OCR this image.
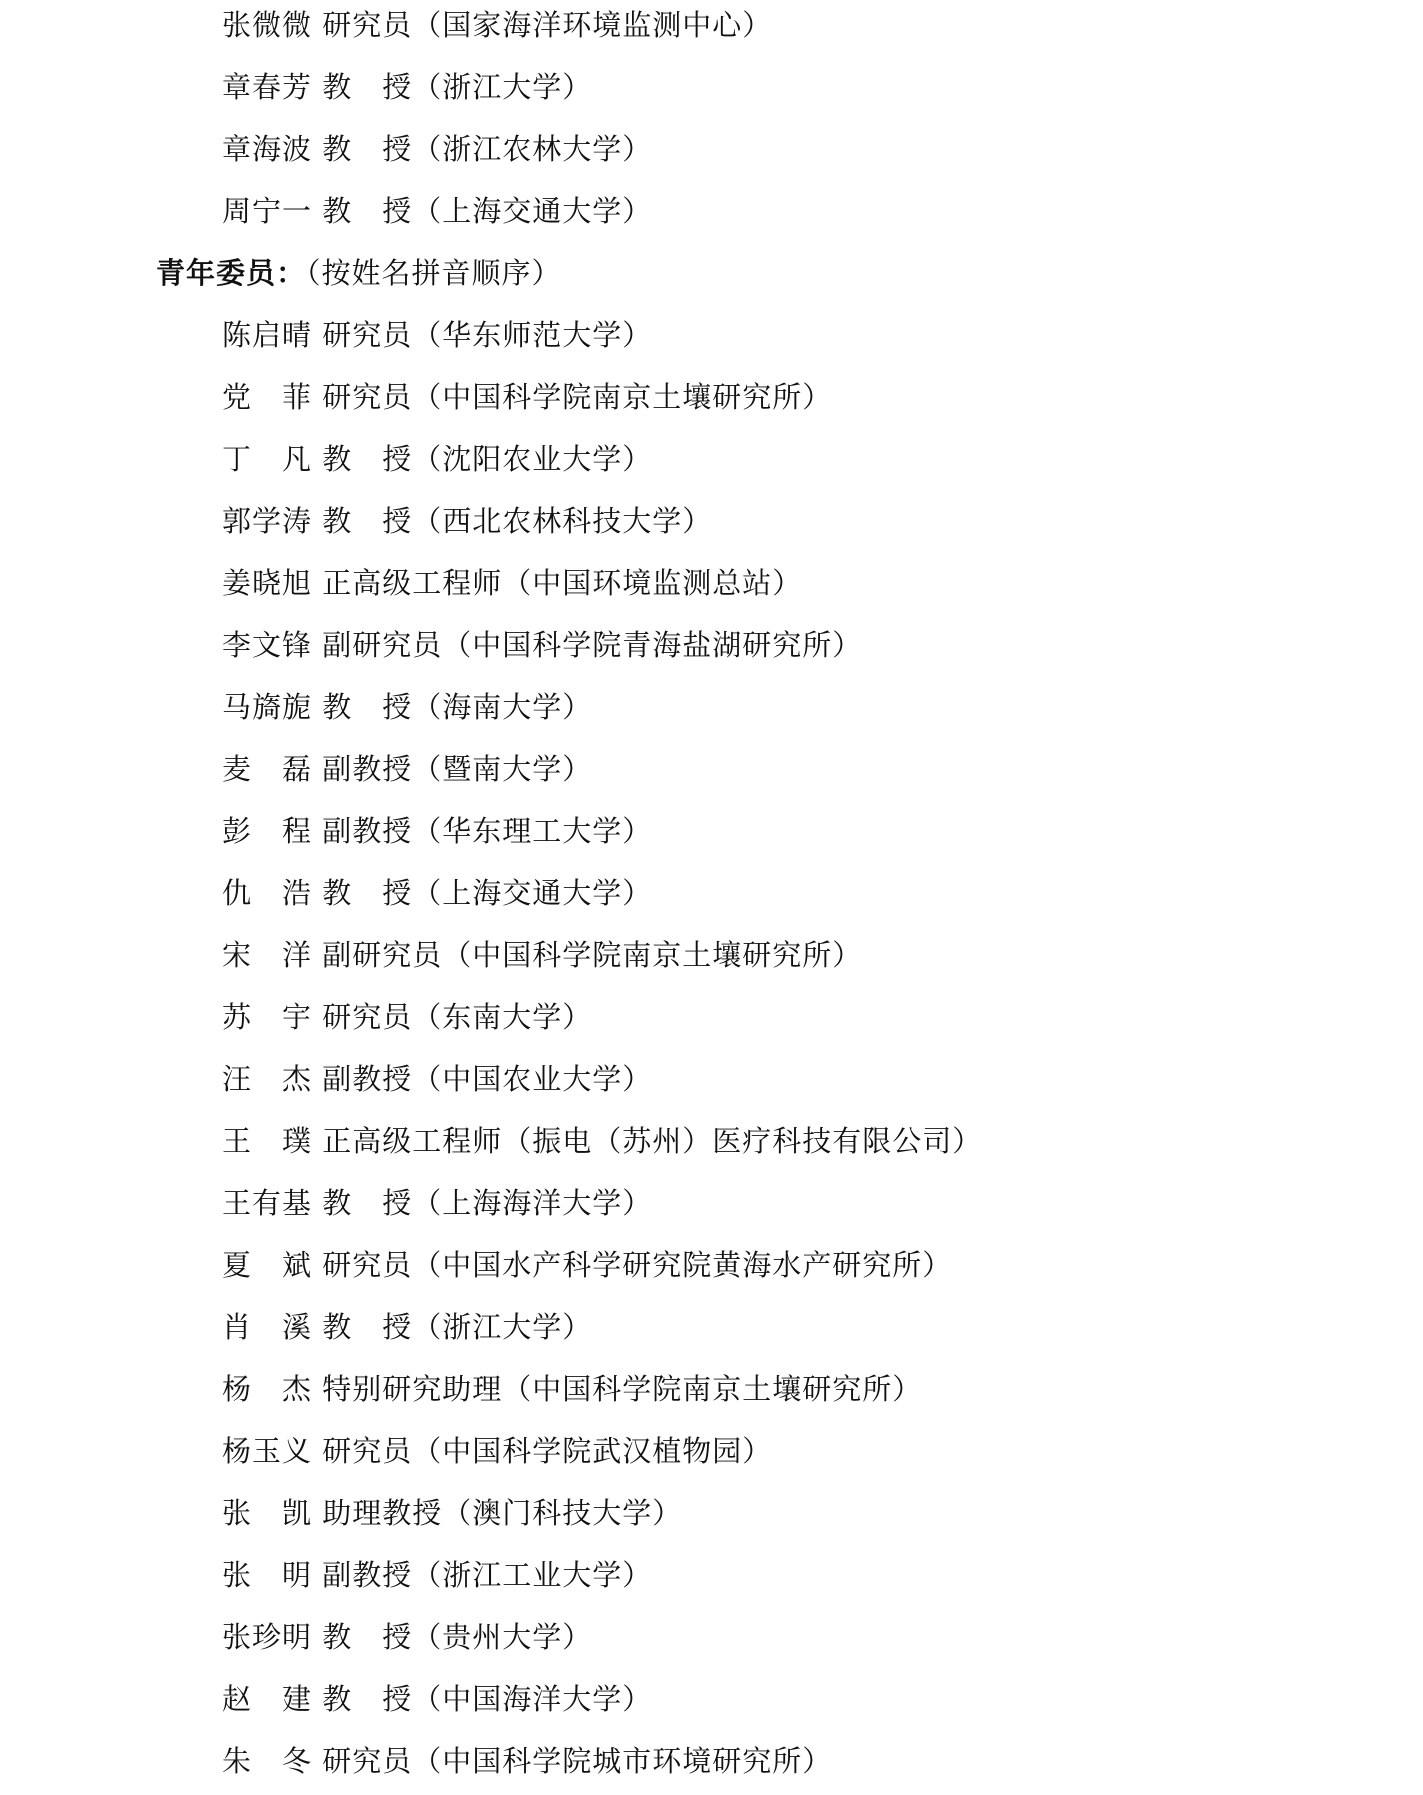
张微微 研究员（国家海洋环境监测中心）
章春芳 教　授（浙江大学）
章海波 教　授（浙江农林大学）
周宁一 教　授（上海交通大学）
青年委员：（按姓名拼音顺序）
陈启晴 研究员（华东师范大学）
党　菲 研究员（中国科学院南京土壤研究所）
丁　凡 教　授（沈阳农业大学）
郭学涛 教　授（西北农林科技大学）
姜晓旭 正高级工程师（中国环境监测总站）
李文锋 副研究员（中国科学院青海盐湖研究所）
马旖旎 教　授（海南大学）
麦　磊 副教授（暨南大学）
彭　程 副教授（华东理工大学）
仇　浩 教　授（上海交通大学）
宋　洋 副研究员（中国科学院南京土壤研究所）
苏　宇 研究员（东南大学）
汪　杰 副教授（中国农业大学）
王　璞 正高级工程师（振电（苏州）医疗科技有限公司）
王有基 教　授（上海海洋大学）
夏　斌 研究员（中国水产科学研究院黄海水产研究所）
肖　溪 教　授（浙江大学）
杨　杰 特别研究助理（中国科学院南京土壤研究所）
杨玉义 研究员（中国科学院武汉植物园）
张　凯 助理教授（澳门科技大学）
张　明 副教授（浙江工业大学）
张珍明 教　授（贵州大学）
赵　建 教　授（中国海洋大学）
朱　冬 研究员（中国科学院城市环境研究所）
